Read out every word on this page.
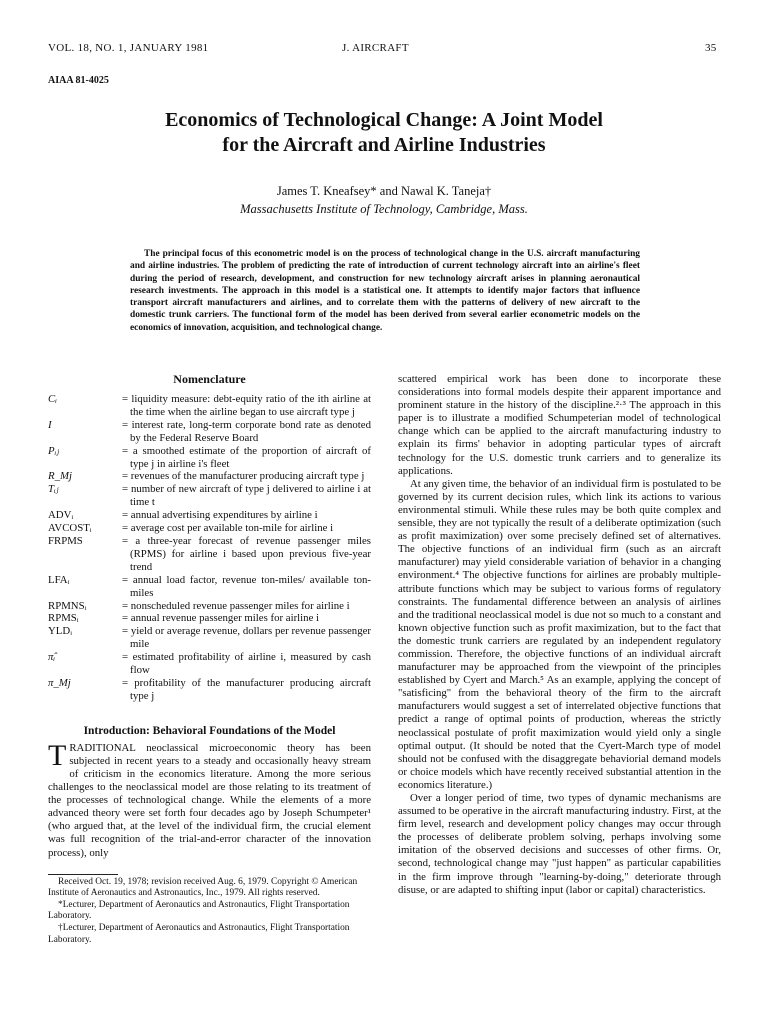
VOL. 18, NO. 1, JANUARY 1981	J. AIRCRAFT	35
AIAA 81-4025
Economics of Technological Change: A Joint Model
for the Aircraft and Airline Industries
James T. Kneafsey* and Nawal K. Taneja†
Massachusetts Institute of Technology, Cambridge, Mass.
The principal focus of this econometric model is on the process of technological change in the U.S. aircraft manufacturing and airline industries. The problem of predicting the rate of introduction of current technology aircraft into an airline's fleet during the period of research, development, and construction for new technology aircraft arises in planning aeronautical research investments. The approach in this model is a statistical one. It attempts to identify major factors that influence transport aircraft manufacturers and airlines, and to correlate them with the patterns of delivery of new aircraft to the domestic trunk carriers. The functional form of the model has been derived from several earlier econometric models on the economics of innovation, acquisition, and technological change.
Nomenclature
Cᵢ	= liquidity measure: debt-equity ratio of the ith airline at the time when the airline began to use aircraft type j
I	= interest rate, long-term corporate bond rate as denoted by the Federal Reserve Board
Pᵢⱼ	= a smoothed estimate of the proportion of aircraft of type j in airline i's fleet
R_Mj	= revenues of the manufacturer producing aircraft type j
Tᵢⱼ	= number of new aircraft of type j delivered to airline i at time t
ADVᵢ	= annual advertising expenditures by airline i
AVCOSTᵢ	= average cost per available ton-mile for airline i
FRPMS	= a three-year forecast of revenue passenger miles (RPMS) for airline i based upon previous five-year trend
LFAᵢ	= annual load factor, revenue ton-miles/ available ton-miles
RPMNSᵢ	= nonscheduled revenue passenger miles for airline i
RPMSᵢ	= annual revenue passenger miles for airline i
YLDᵢ	= yield or average revenue, dollars per revenue passenger mile
π̂ᵢ	= estimated profitability of airline i, measured by cash flow
π_Mj	= profitability of the manufacturer producing aircraft type j
Introduction: Behavioral Foundations of the Model

TRADITIONAL neoclassical microeconomic theory has been subjected in recent years to a steady and occasionally heavy stream of criticism in the economics literature. Among the more serious challenges to the neoclassical model are those relating to its treatment of the processes of technological change. While the elements of a more advanced theory were set forth four decades ago by Joseph Schumpeter¹ (who argued that, at the level of the individual firm, the crucial element was full recognition of the trial-and-error character of the innovation process), only

Received Oct. 19, 1978; revision received Aug. 6, 1979. Copyright © American Institute of Aeronautics and Astronautics, Inc., 1979. All rights reserved.

*Lecturer, Department of Aeronautics and Astronautics, Flight Transportation Laboratory.

†Lecturer, Department of Aeronautics and Astronautics, Flight Transportation Laboratory.

scattered empirical work has been done to incorporate these considerations into formal models despite their apparent importance and prominent stature in the history of the discipline.²·³ The approach in this paper is to illustrate a modified Schumpeterian model of technological change which can be applied to the aircraft manufacturing industry to explain its firms' behavior in adopting particular types of aircraft technology for the U.S. domestic trunk carriers and to generalize its applications.

At any given time, the behavior of an individual firm is postulated to be governed by its current decision rules, which link its actions to various environmental stimuli. While these rules may be both quite complex and sensible, they are not typically the result of a deliberate optimization (such as profit maximization) over some precisely defined set of alternatives. The objective functions of an individual firm (such as an aircraft manufacturer) may yield considerable variation of behavior in a changing environment.⁴ The objective functions for airlines are probably multiple-attribute functions which may be subject to various forms of regulatory constraints. The fundamental difference between an analysis of airlines and the traditional neoclassical model is due not so much to a constant and known objective function such as profit maximization, but to the fact that the domestic trunk carriers are regulated by an independent regulatory commission. Therefore, the objective functions of an individual aircraft manufacturer may be approached from the viewpoint of the principles established by Cyert and March.⁵ As an example, applying the concept of "satisficing" from the behavioral theory of the firm to the aircraft manufacturers would suggest a set of interrelated objective functions that predict a range of optimal points of production, whereas the strictly neoclassical postulate of profit maximization would yield only a single optimal output. (It should be noted that the Cyert-March type of model should not be confused with the disaggregate behaviorial demand models or choice models which have recently received substantial attention in the economics literature.)

Over a longer period of time, two types of dynamic mechanisms are assumed to be operative in the aircraft manufacturing industry. First, at the firm level, research and development policy changes may occur through the processes of deliberate problem solving, perhaps involving some imitation of the observed decisions and successes of other firms. Or, second, technological change may "just happen" as particular capabilities in the firm improve through "learning-by-doing," deteriorate through disuse, or are adapted to shifting input (labor or capital) characteristics.
